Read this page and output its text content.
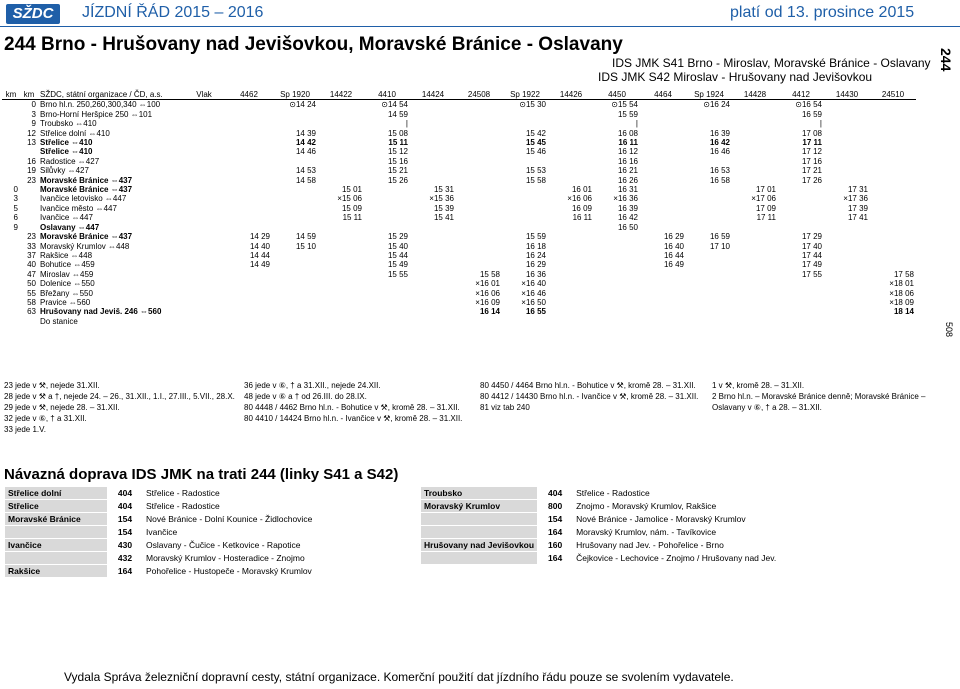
SŽDC	JÍZDNÍ ŘÁD 2015 – 2016	platí od 13. prosince 2015
244 Brno - Hrušovany nad Jevišovkou, Moravské Bránice - Oslavany
IDS JMK S41 Brno - Miroslav, Moravské Bránice - Oslavany
IDS JMK S42 Miroslav - Hrušovany nad Jevišovkou
244
508
km	km	SŽDC, státní organizace / ČD, a.s.	Vlak	4462	Sp 1920	14422	4410	14424	24508	Sp 1922	14426	4450	4464	Sp 1924	14428	4412	14430	24510
	0	Brno hl.n. 250,260,300,340 ⇔100			⊙14 24		⊙14 54			⊙15 30		⊙15 54		⊙16 24		⊙16 54		
	3	Brno-Horní Heršpice 250 ⇔101					14 59					15 59				16 59		
	9	Troubsko ⇔410					|					|				|		
	12	Střelice dolní ⇔410			14 39		15 08			15 42		16 08		16 39		17 08		
	13	Střelice ⇔410			14 42		15 11			15 45		16 11		16 42		17 11		
		Střelice ⇔410			14 46		15 12			15 46		16 12		16 46		17 12		
	16	Radostice ⇔427					15 16					16 16				17 16		
	19	Silůvky ⇔427			14 53		15 21			15 53		16 21		16 53		17 21		
	23	Moravské Bránice ⇔437			14 58		15 26			15 58		16 26		16 58		17 26		
0		Moravské Bránice ⇔437				15 01		15 31			16 01	16 31			17 01		17 31	
3		Ivančice letovisko ⇔447				×15 06		×15 36			×16 06	×16 36			×17 06		×17 36	
5		Ivančice město ⇔447				15 09		15 39			16 09	16 39			17 09		17 39	
6		Ivančice ⇔447				15 11		15 41			16 11	16 42			17 11		17 41	
9		Oslavany ⇔447										16 50						
	23	Moravské Bránice ⇔437		14 29	14 59		15 29			15 59			16 29	16 59		17 29		
	33	Moravský Krumlov ⇔448		14 40	15 10		15 40			16 18			16 40	17 10		17 40		
	37	Rakšice ⇔448		14 44			15 44			16 24			16 44			17 44		
	40	Bohutice ⇔459		14 49			15 49			16 29			16 49			17 49		
	47	Miroslav ⇔459					15 55		15 58	16 36						17 55		17 58
	50	Dolenice ⇔550							×16 01	×16 40								×18 01
	55	Břežany ⇔550							×16 06	×16 46								×18 06
	58	Pravice ⇔560							×16 09	×16 50								×18 09
	63	Hrušovany nad Jeviš. 246 ⇔560							16 14	16 55								18 14
		Do stanice																
23 jede v ⚒, nejede 31.XII.
28 jede v ⚒ a †, nejede 24. – 26., 31.XII., 1.I., 27.III., 5.VII., 28.X.
29 jede v ⚒, nejede 28. – 31.XII.
32 jede v ⑥, † a 31.XII.
33 jede 1.V.
36 jede v ⑥, † a 31.XII., nejede 24.XII.
48 jede v ⑥ a † od 26.III. do 28.IX.
80 4448 / 4462 Brno hl.n. - Bohutice v ⚒, kromě 28. – 31.XII.
80 4410 / 14424 Brno hl.n. - Ivančice v ⚒, kromě 28. – 31.XII.
80 4450 / 4464 Brno hl.n. - Bohutice v ⚒, kromě 28. – 31.XII.
80 4412 / 14430 Brno hl.n. - Ivančice v ⚒, kromě 28. – 31.XII.
81 viz tab 240
1 v ⚒, kromě 28. – 31.XII.
2 Brno hl.n. – Moravské Bránice denně; Moravské Bránice – Oslavany v ⑥, † a 28. – 31.XII.
Návazná doprava IDS JMK na trati 244 (linky S41 a S42)
Střelice dolní	404	Střelice - Radostice
Střelice	404	Střelice - Radostice
Moravské Bránice	154	Nové Bránice - Dolní Kounice - Židlochovice
	154	Ivančice
Ivančice	430	Oslavany - Čučice - Ketkovice - Rapotice
	432	Moravský Krumlov - Hosteradice - Znojmo
Rakšice	164	Pohořelice - Hustopeče - Moravský Krumlov
Troubsko	404	Střelice - Radostice
Moravský Krumlov	800	Znojmo - Moravský Krumlov, Rakšice
	154	Nové Bránice - Jamolice - Moravský Krumlov
	164	Moravský Krumlov, nám. - Tavíkovice
Hrušovany nad Jevišovkou	160	Hrušovany nad Jev. - Pohořelice - Brno
	164	Čejkovice - Lechovice - Znojmo / Hrušovany nad Jev.
Vydala Správa železniční dopravní cesty, státní organizace. Komerční použití dat jízdního řádu pouze se svolením vydavatele.
